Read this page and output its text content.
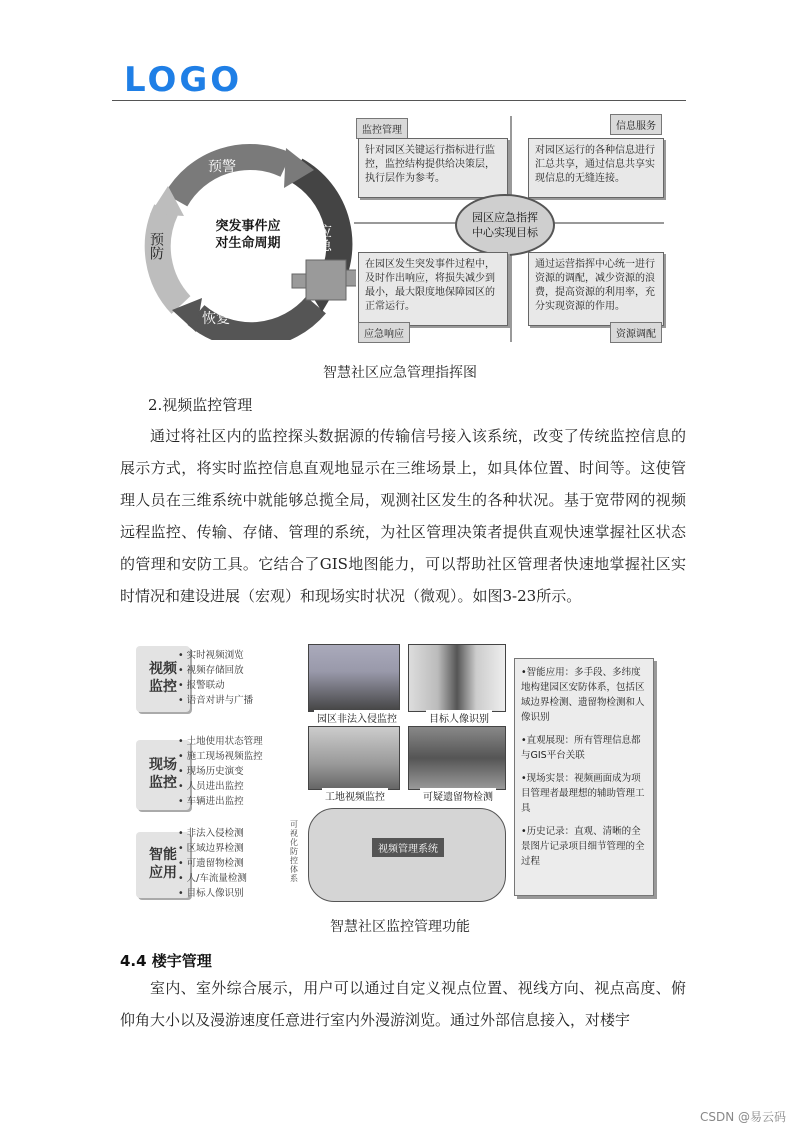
LOGO
突发事件应
对生命周期
预警
预防	应急
恢复
监控管理
针对园区关键运行指标进行监控，监控结构提供给决策层，执行层作为参考。
信息服务
对园区运行的各种信息进行汇总共享，通过信息共享实现信息的无缝连接。
园区应急指挥
中心实现目标
在园区发生突发事件过程中，及时作出响应，将损失减少到最小，最大限度地保障园区的正常运行。
应急响应
通过运营指挥中心统一进行资源的调配，减少资源的浪费，提高资源的利用率，充分实现资源的作用。
资源调配
智慧社区应急管理指挥图
2.视频监控管理
通过将社区内的监控探头数据源的传输信号接入该系统，改变了传统监控信息的展示方式，将实时监控信息直观地显示在三维场景上，如具体位置、时间等。这使管理人员在三维系统中就能够总揽全局，观测社区发生的各种状况。基于宽带网的视频远程监控、传输、存储、管理的系统，为社区管理决策者提供直观快速掌握社区状态的管理和安防工具。它结合了GIS地图能力，可以帮助社区管理者快速地掌握社区实时情况和建设进展（宏观）和现场实时状况（微观）。如图3-23所示。
视频
监控
• 实时视频浏览
• 视频存储回放
• 报警联动
• 语音对讲与广播
现场
监控
• 土地使用状态管理
• 施工现场视频监控
• 现场历史演变
• 人员进出监控
• 车辆进出监控
智能
应用
• 非法入侵检测
• 区域边界检测
• 可遗留物检测
• 人/车流量检测
• 目标人像识别
园区非法入侵监控	目标人像识别
工地视频监控	可疑遗留物检测
视频管理系统
可视化防控体系
• 智能应用：多手段、多纬度地构建园区安防体系，包括区域边界检测、遗留物检测和人像识别
• 直观展现：所有管理信息都与GIS平台关联
• 现场实景：视频画面成为项目管理者最理想的辅助管理工具
• 历史记录：直观、清晰的全景图片记录项目细节管理的全过程
智慧社区监控管理功能
4.4 楼宇管理
室内、室外综合展示，用户可以通过自定义视点位置、视线方向、视点高度、俯仰角大小以及漫游速度任意进行室内外漫游浏览。通过外部信息接入，对楼宇
CSDN @易云码
